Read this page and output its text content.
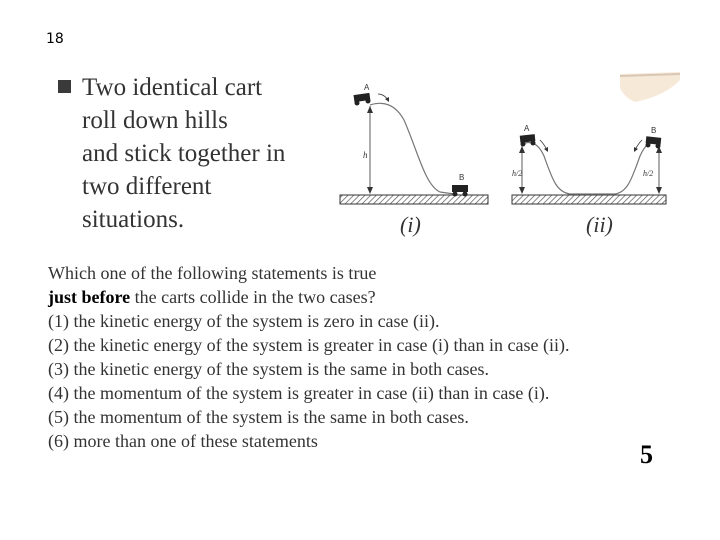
18
Two identical cart
roll down hills
and stick together in
two different
situations.
h
A
B
(i)
h/2	h/2
A	B
(ii)
Which one of the following statements is true
just before the carts collide in the two cases?
(1) the kinetic energy of the system is zero in case (ii).
(2) the kinetic energy of the system is greater in case (i) than in case (ii).
(3) the kinetic energy of the system is the same in both cases.
(4) the momentum of the system is greater in case (ii) than in case (i).
(5) the momentum of the system is the same in both cases.
(6) more than one of these statements	5
